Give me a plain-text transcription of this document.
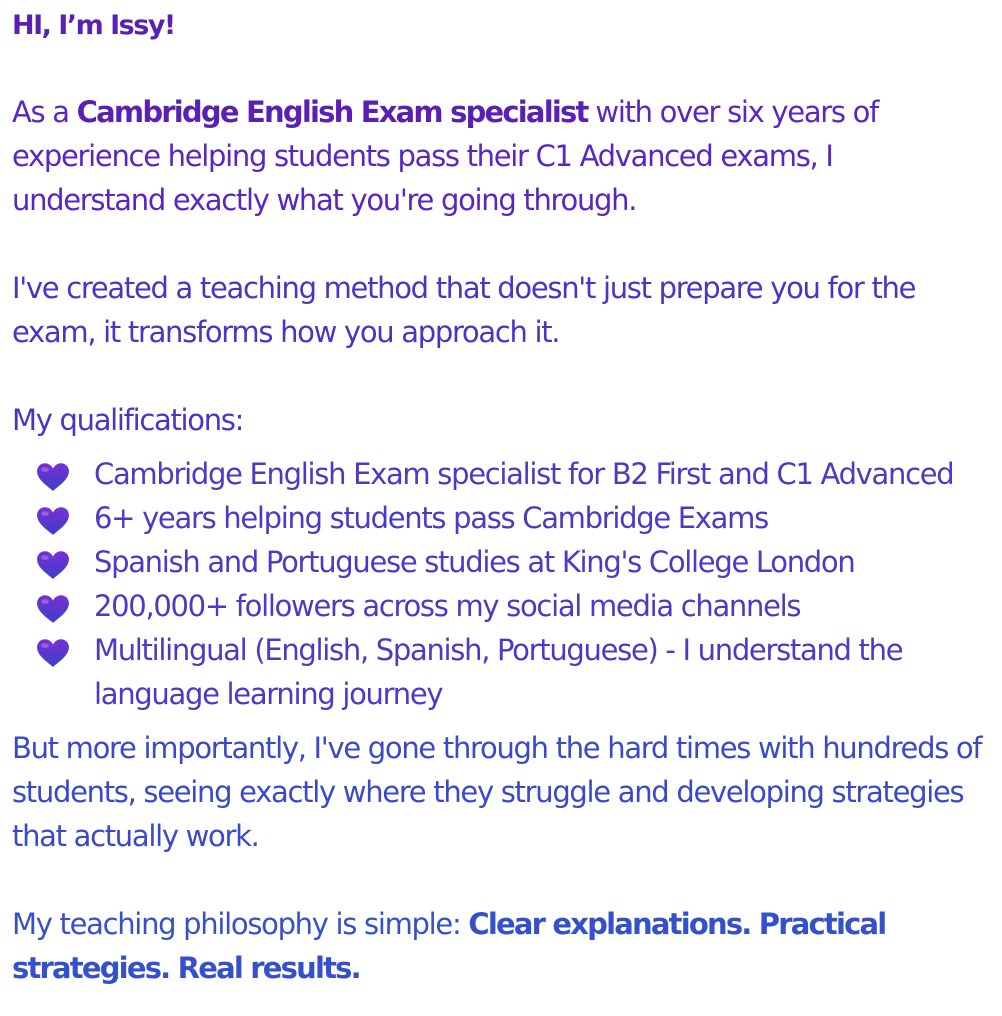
HI, I’m Issy!

As a Cambridge English Exam specialist with over six years of experience helping students pass their C1 Advanced exams, I understand exactly what you're going through.

I've created a teaching method that doesn't just prepare you for the exam, it transforms how you approach it.

My qualifications:

Cambridge English Exam specialist for B2 First and C1 Advanced
6+ years helping students pass Cambridge Exams
Spanish and Portuguese studies at King's College London
200,000+ followers across my social media channels
Multilingual (English, Spanish, Portuguese) - I understand the language learning journey

But more importantly, I've gone through the hard times with hundreds of students, seeing exactly where they struggle and developing strategies that actually work.

My teaching philosophy is simple: Clear explanations. Practical strategies. Real results.
